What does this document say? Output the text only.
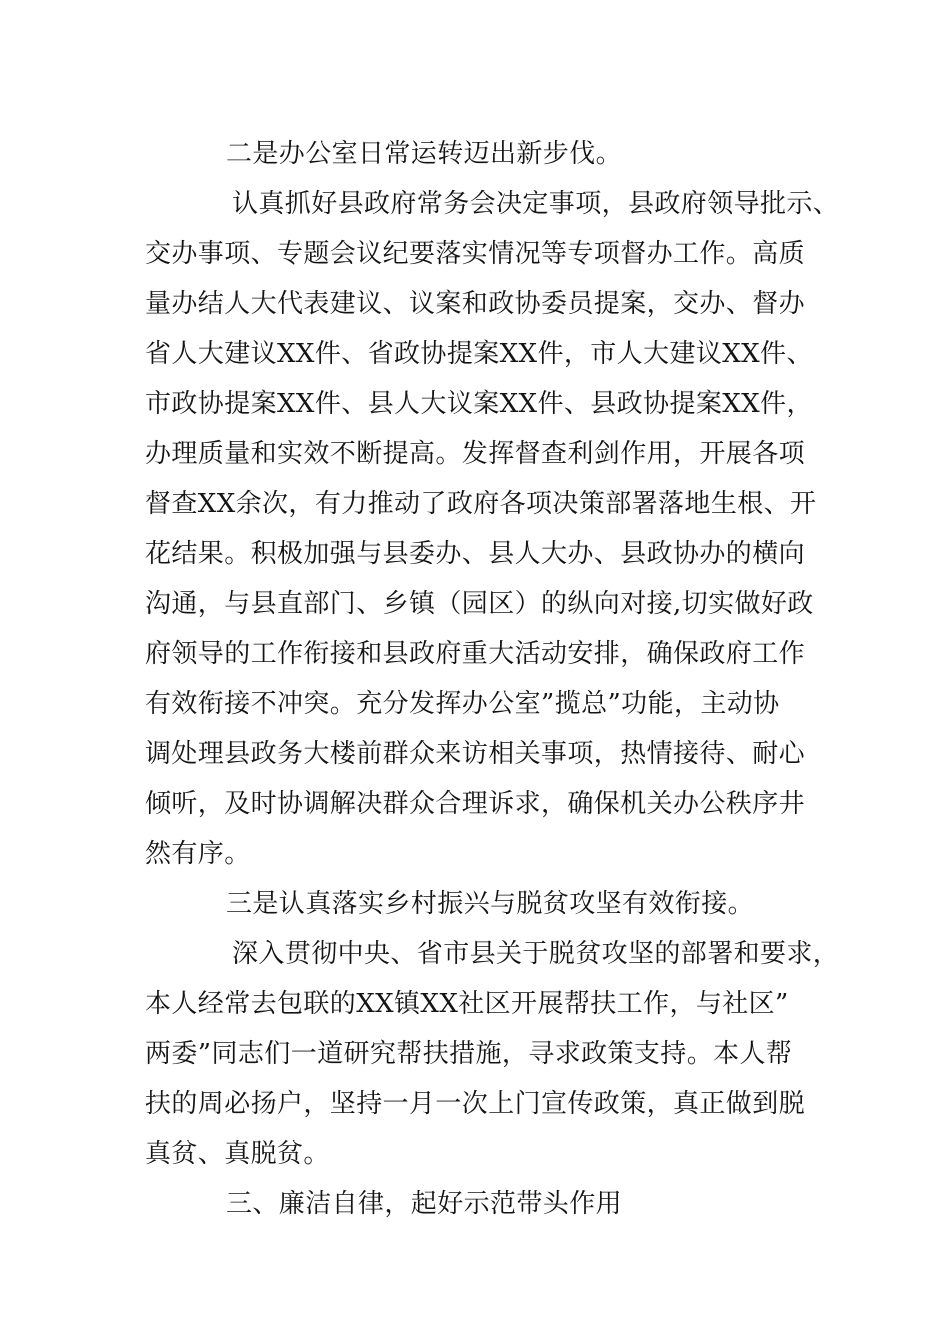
二是办公室日常运转迈出新步伐。
认真抓好县政府常务会决定事项，县政府领导批示、
交办事项、专题会议纪要落实情况等专项督办工作。高质
量办结人大代表建议、议案和政协委员提案，交办、督办
省人大建议XX件、省政协提案XX件，市人大建议XX件、
市政协提案XX件、县人大议案XX件、县政协提案XX件，
办理质量和实效不断提高。发挥督查利剑作用，开展各项
督查XX余次，有力推动了政府各项决策部署落地生根、开
花结果。积极加强与县委办、县人大办、县政协办的横向
沟通，与县直部门、乡镇（园区）的纵向对接,切实做好政
府领导的工作衔接和县政府重大活动安排，确保政府工作
有效衔接不冲突。充分发挥办公室”揽总”功能，主动协
调处理县政务大楼前群众来访相关事项，热情接待、耐心
倾听，及时协调解决群众合理诉求，确保机关办公秩序井
然有序。
三是认真落实乡村振兴与脱贫攻坚有效衔接。
深入贯彻中央、省市县关于脱贫攻坚的部署和要求，
本人经常去包联的XX镇XX社区开展帮扶工作，与社区”
两委”同志们一道研究帮扶措施，寻求政策支持。本人帮
扶的周必扬户，坚持一月一次上门宣传政策，真正做到脱
真贫、真脱贫。
三、廉洁自律，起好示范带头作用
